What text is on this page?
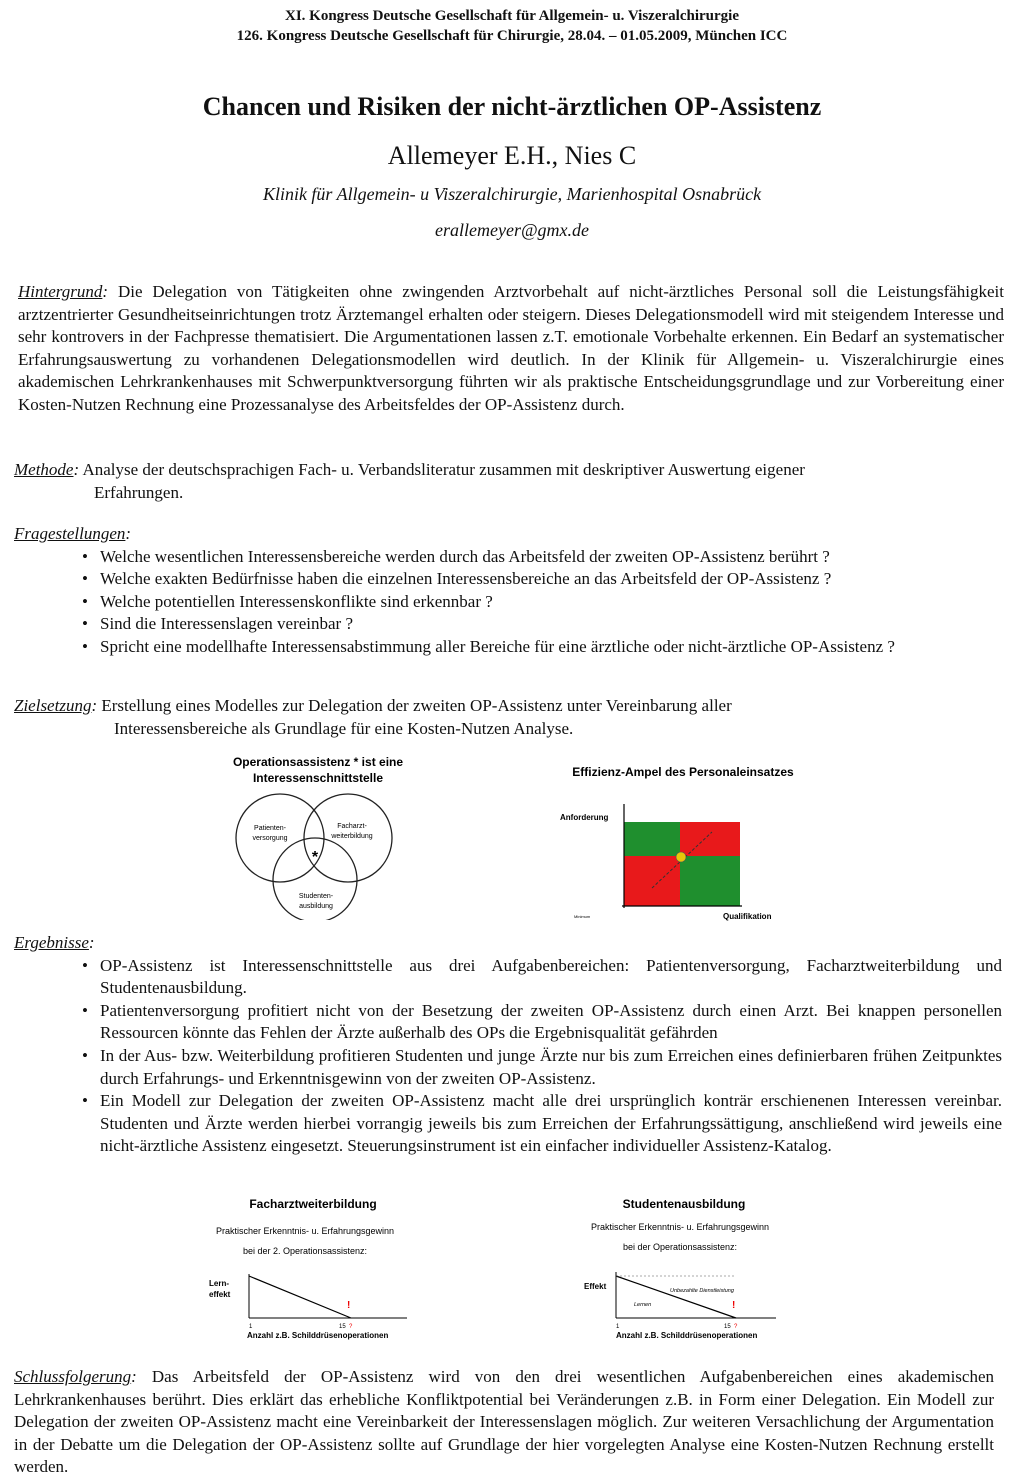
XI. Kongress Deutsche Gesellschaft für Allgemein- u. Viszeralchirurgie
126. Kongress Deutsche Gesellschaft für Chirurgie, 28.04. – 01.05.2009, München ICC
Chancen und Risiken der nicht-ärztlichen OP-Assistenz
Allemeyer E.H., Nies C
Klinik für Allgemein- u Viszeralchirurgie, Marienhospital Osnabrück
erallemeyer@gmx.de
Hintergrund: Die Delegation von Tätigkeiten ohne zwingenden Arztvorbehalt auf nicht-ärztliches Personal soll die Leistungsfähigkeit arztzentrierter Gesundheitseinrichtungen trotz Ärztemangel erhalten oder steigern. Dieses Delegationsmodell wird mit steigendem Interesse und sehr kontrovers in der Fachpresse thematisiert. Die Argumentationen lassen z.T. emotionale Vorbehalte erkennen. Ein Bedarf an systematischer Erfahrungsauswertung zu vorhandenen Delegationsmodellen wird deutlich. In der Klinik für Allgemein- u. Viszeralchirurgie eines akademischen Lehrkrankenhauses mit Schwerpunktversorgung führten wir als praktische Entscheidungsgrundlage und zur Vorbereitung einer Kosten-Nutzen Rechnung eine Prozessanalyse des Arbeitsfeldes der OP-Assistenz durch.
Methode: Analyse der deutschsprachigen Fach- u. Verbandsliteratur zusammen mit deskriptiver Auswertung eigener
Erfahrungen.
Fragestellungen:
• Welche wesentlichen Interessensbereiche werden durch das Arbeitsfeld der zweiten OP-Assistenz berührt ?
• Welche exakten Bedürfnisse haben die einzelnen Interessensbereiche an das Arbeitsfeld der OP-Assistenz ?
• Welche potentiellen Interessenskonflikte sind erkennbar ?
• Sind die Interessenslagen vereinbar ?
• Spricht eine modellhafte Interessensabstimmung aller Bereiche für eine ärztliche oder nicht-ärztliche OP-Assistenz ?
Zielsetzung: Erstellung eines Modelles zur Delegation der zweiten OP-Assistenz unter Vereinbarung aller
Interessensbereiche als Grundlage für eine Kosten-Nutzen Analyse.
Operationsassistenz * ist eine
Interessenschnittstelle
Patienten-
versorgung
Facharzt-
weiterbildung
Studenten-
ausbildung
*
Effizienz-Ampel des Personaleinsatzes
Anforderung
Minimum	Qualifikation
Ergebnisse:
• OP-Assistenz ist Interessenschnittstelle aus drei Aufgabenbereichen: Patientenversorgung, Facharztweiterbildung und Studentenausbildung.
• Patientenversorgung profitiert nicht von der Besetzung der zweiten OP-Assistenz durch einen Arzt. Bei knappen personellen Ressourcen könnte das Fehlen der Ärzte außerhalb des OPs die Ergebnisqualität gefährden
• In der Aus- bzw. Weiterbildung profitieren Studenten und junge Ärzte nur bis zum Erreichen eines definierbaren frühen Zeitpunktes durch Erfahrungs- und Erkenntnisgewinn von der zweiten OP-Assistenz.
• Ein Modell zur Delegation der zweiten OP-Assistenz macht alle drei ursprünglich konträr erschienenen Interessen vereinbar. Studenten und Ärzte werden hierbei vorrangig jeweils bis zum Erreichen der Erfahrungssättigung, anschließend wird jeweils eine nicht-ärztliche Assistenz eingesetzt. Steuerungsinstrument ist ein einfacher individueller Assistenz-Katalog.
Facharztweiterbildung
Praktischer Erkenntnis- u. Erfahrungsgewinn
bei der 2. Operationsassistenz:
Lern-
effekt
!
1	15 ?
Anzahl z.B. Schilddrüsenoperationen
Studentenausbildung
Praktischer Erkenntnis- u. Erfahrungsgewinn
bei der Operationsassistenz:
Effekt	Unbezahlte Dienstleistung
Lernen	!
1	15 ?
Anzahl z.B. Schilddrüsenoperationen
Schlussfolgerung: Das Arbeitsfeld der OP-Assistenz wird von den drei wesentlichen Aufgabenbereichen eines akademischen Lehrkrankenhauses berührt. Dies erklärt das erhebliche Konfliktpotential bei Veränderungen z.B. in Form einer Delegation. Ein Modell zur Delegation der zweiten OP-Assistenz macht eine Vereinbarkeit der Interessenslagen möglich. Zur weiteren Versachlichung der Argumentation in der Debatte um die Delegation der OP-Assistenz sollte auf Grundlage der hier vorgelegten Analyse eine Kosten-Nutzen Rechnung erstellt werden.
